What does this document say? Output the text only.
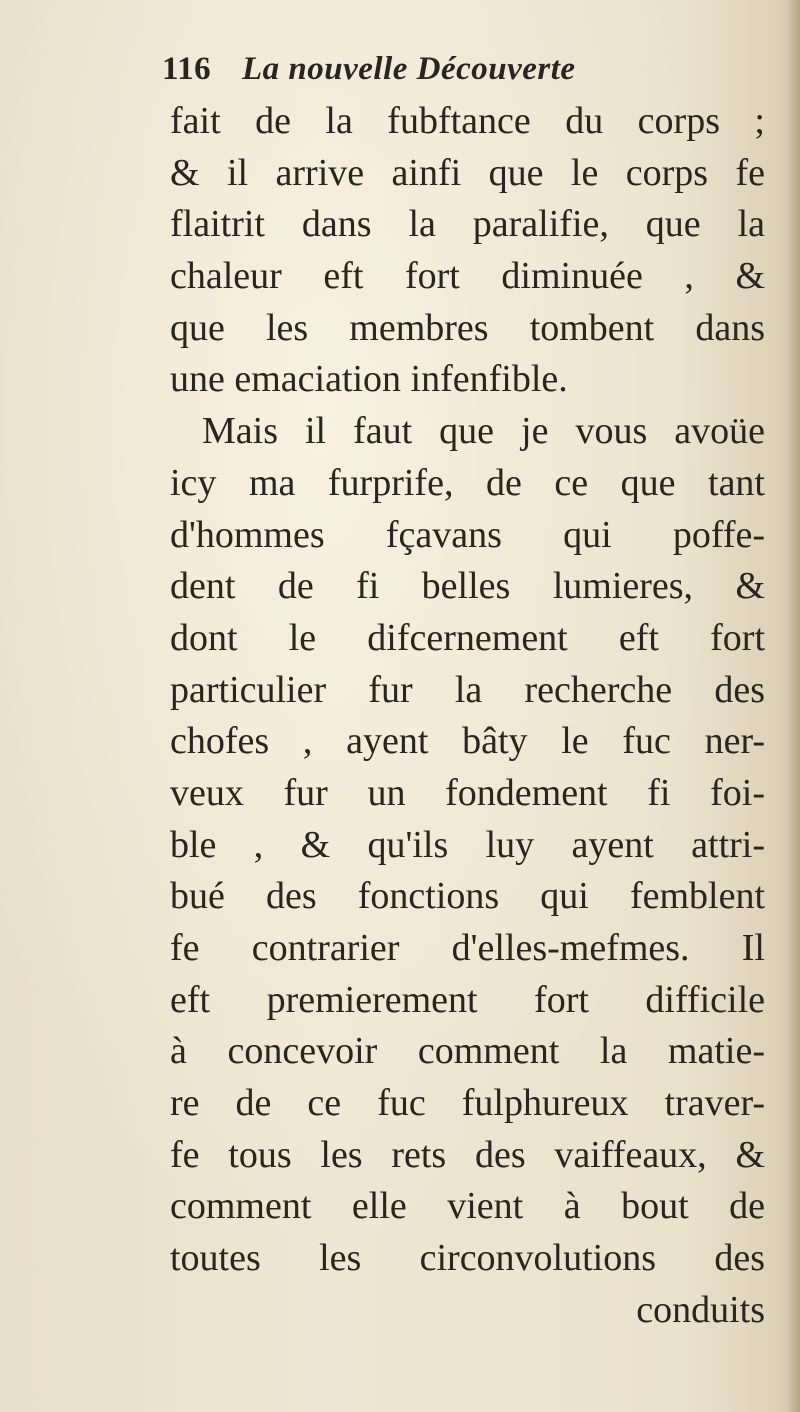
116 La nouvelle Découverte
fait de la fubftance du corps ;
& il arrive ainfi que le corps fe
flaitrit dans la paralifie, que la
chaleur eft fort diminuée , &
que les membres tombent dans
une emaciation infenfible.
Mais il faut que je vous avoüe
icy ma furprife, de ce que tant
d'hommes fçavans qui poffe-
dent de fi belles lumieres, &
dont le difcernement eft fort
particulier fur la recherche des
chofes , ayent bâty le fuc ner-
veux fur un fondement fi foi-
ble , & qu'ils luy ayent attri-
bué des fonctions qui femblent
fe contrarier d'elles-mefmes. Il
eft premierement fort difficile
à concevoir comment la matie-
re de ce fuc fulphureux traver-
fe tous les rets des vaiffeaux, &
comment elle vient à bout de
toutes les circonvolutions des
conduits
